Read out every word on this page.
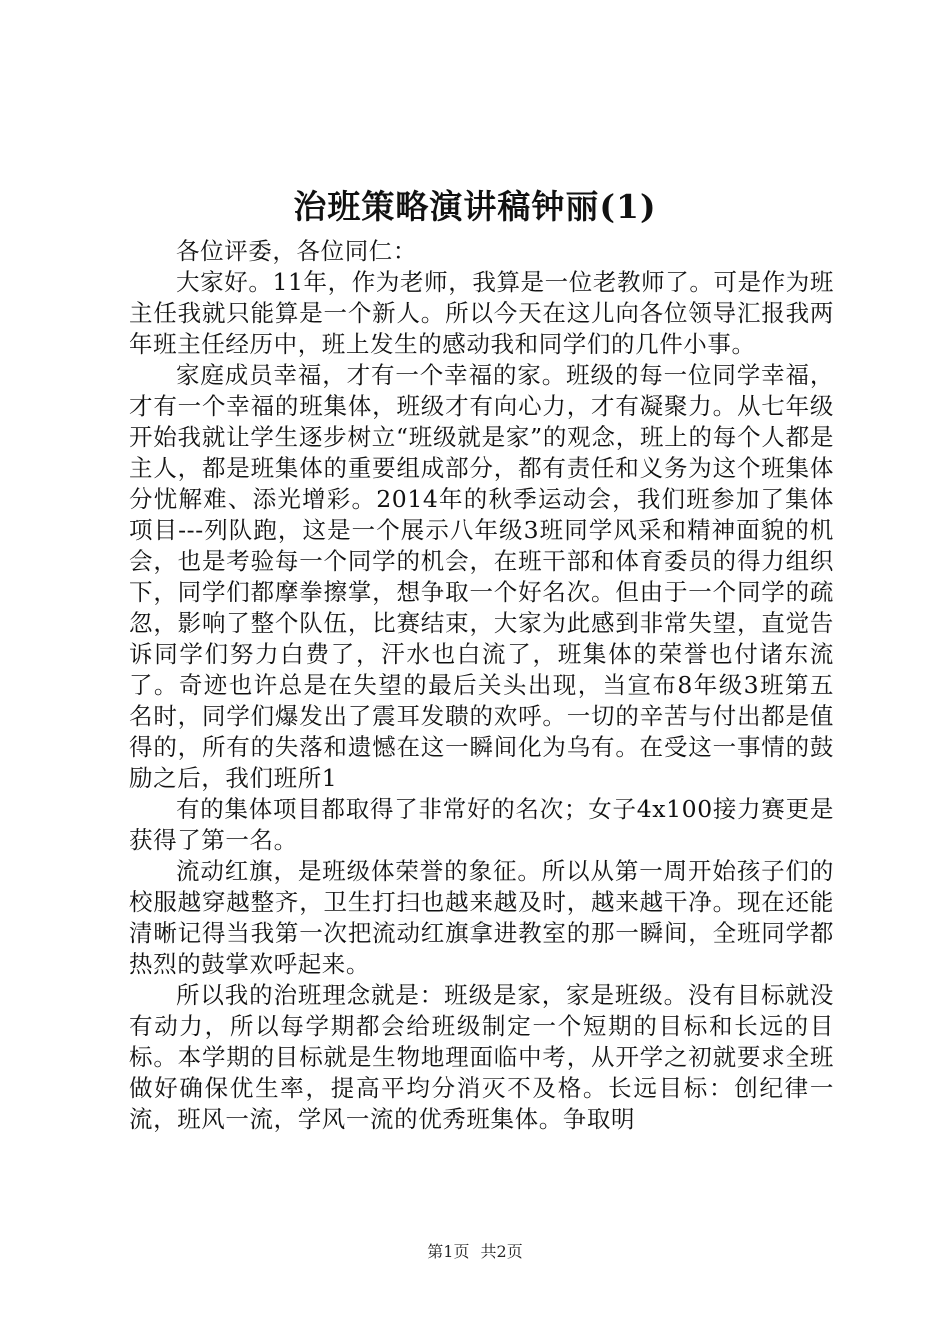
治班策略演讲稿钟丽(1)

各位评委，各位同仁：

大家好。11年，作为老师，我算是一位老教师了。可是作为班主任我就只能算是一个新人。所以今天在这儿向各位领导汇报我两年班主任经历中，班上发生的感动我和同学们的几件小事。

家庭成员幸福，才有一个幸福的家。班级的每一位同学幸福，才有一个幸福的班集体，班级才有向心力，才有凝聚力。从七年级开始我就让学生逐步树立“班级就是家”的观念，班上的每个人都是主人，都是班集体的重要组成部分，都有责任和义务为这个班集体分忧解难、添光增彩。2014年的秋季运动会，我们班参加了集体项目---列队跑，这是一个展示八年级3班同学风采和精神面貌的机会，也是考验每一个同学的机会，在班干部和体育委员的得力组织下，同学们都摩拳擦掌，想争取一个好名次。但由于一个同学的疏忽，影响了整个队伍，比赛结束，大家为此感到非常失望，直觉告诉同学们努力白费了，汗水也白流了，班集体的荣誉也付诸东流了。奇迹也许总是在失望的最后关头出现，当宣布8年级3班第五名时，同学们爆发出了震耳发聩的欢呼。一切的辛苦与付出都是值得的，所有的失落和遗憾在这一瞬间化为乌有。在受这一事情的鼓励之后，我们班所1

有的集体项目都取得了非常好的名次；女子4x100接力赛更是获得了第一名。

流动红旗，是班级体荣誉的象征。所以从第一周开始孩子们的校服越穿越整齐，卫生打扫也越来越及时，越来越干净。现在还能清晰记得当我第一次把流动红旗拿进教室的那一瞬间，全班同学都热烈的鼓掌欢呼起来。

所以我的治班理念就是：班级是家，家是班级。没有目标就没有动力，所以每学期都会给班级制定一个短期的目标和长远的目标。本学期的目标就是生物地理面临中考，从开学之初就要求全班做好确保优生率，提高平均分消灭不及格。长远目标：创纪律一流，班风一流，学风一流的优秀班集体。争取明

第1页 共2页
